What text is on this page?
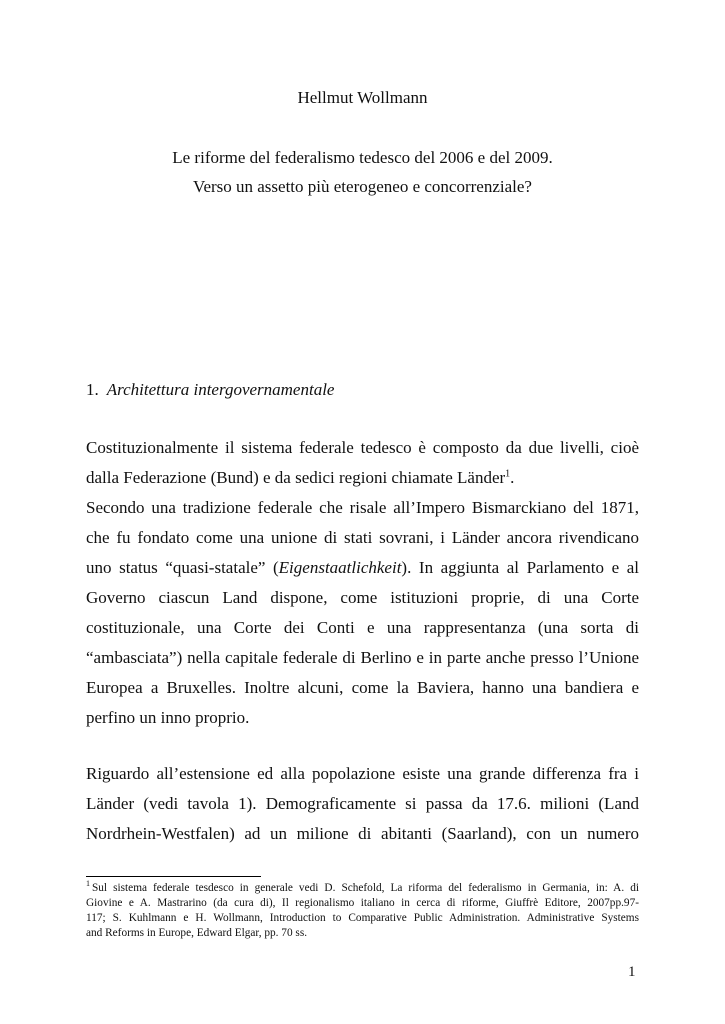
Hellmut Wollmann
Le riforme del federalismo tedesco del 2006 e del 2009.
Verso un assetto più eterogeneo e concorrenziale?
1. Architettura intergovernamentale
Costituzionalmente il sistema federale tedesco è composto da due livelli, cioè
dalla Federazione (Bund) e da sedici regioni chiamate Länder$^1$.
Secondo una tradizione federale che risale all’Impero Bismarckiano del 1871,
che fu fondato come una unione di stati sovrani, i Länder ancora rivendicano
uno status “quasi-statale” (Eigenstaatlichkeit). In aggiunta al Parlamento e al
Governo ciascun Land dispone, come istituzioni proprie, di una Corte
costituzionale, una Corte dei Conti e una rappresentanza (una sorta di
“ambasciata”) nella capitale federale di Berlino e in parte anche presso l’Unione
Europea a Bruxelles. Inoltre alcuni, come la Baviera, hanno una bandiera e
perfino un inno proprio.
Riguardo all’estensione ed alla popolazione esiste una grande differenza fra i
Länder (vedi tavola 1). Demograficamente si passa da 17.6. milioni (Land
Nordrhein-Westfalen) ad un milione di abitanti (Saarland), con un numero
$^1$ Sul sistema federale tesdesco in generale vedi D. Schefold, La riforma del federalismo in Germania, in: A. di
Giovine e A. Mastrarino (da cura di), Il regionalismo italiano in cerca di riforme, Giuffrè Editore, 2007pp.97-
117; S. Kuhlmann e H. Wollmann, Introduction to Comparative Public Administration. Administrative Systems
and Reforms in Europe, Edward Elgar, pp. 70 ss.
1
